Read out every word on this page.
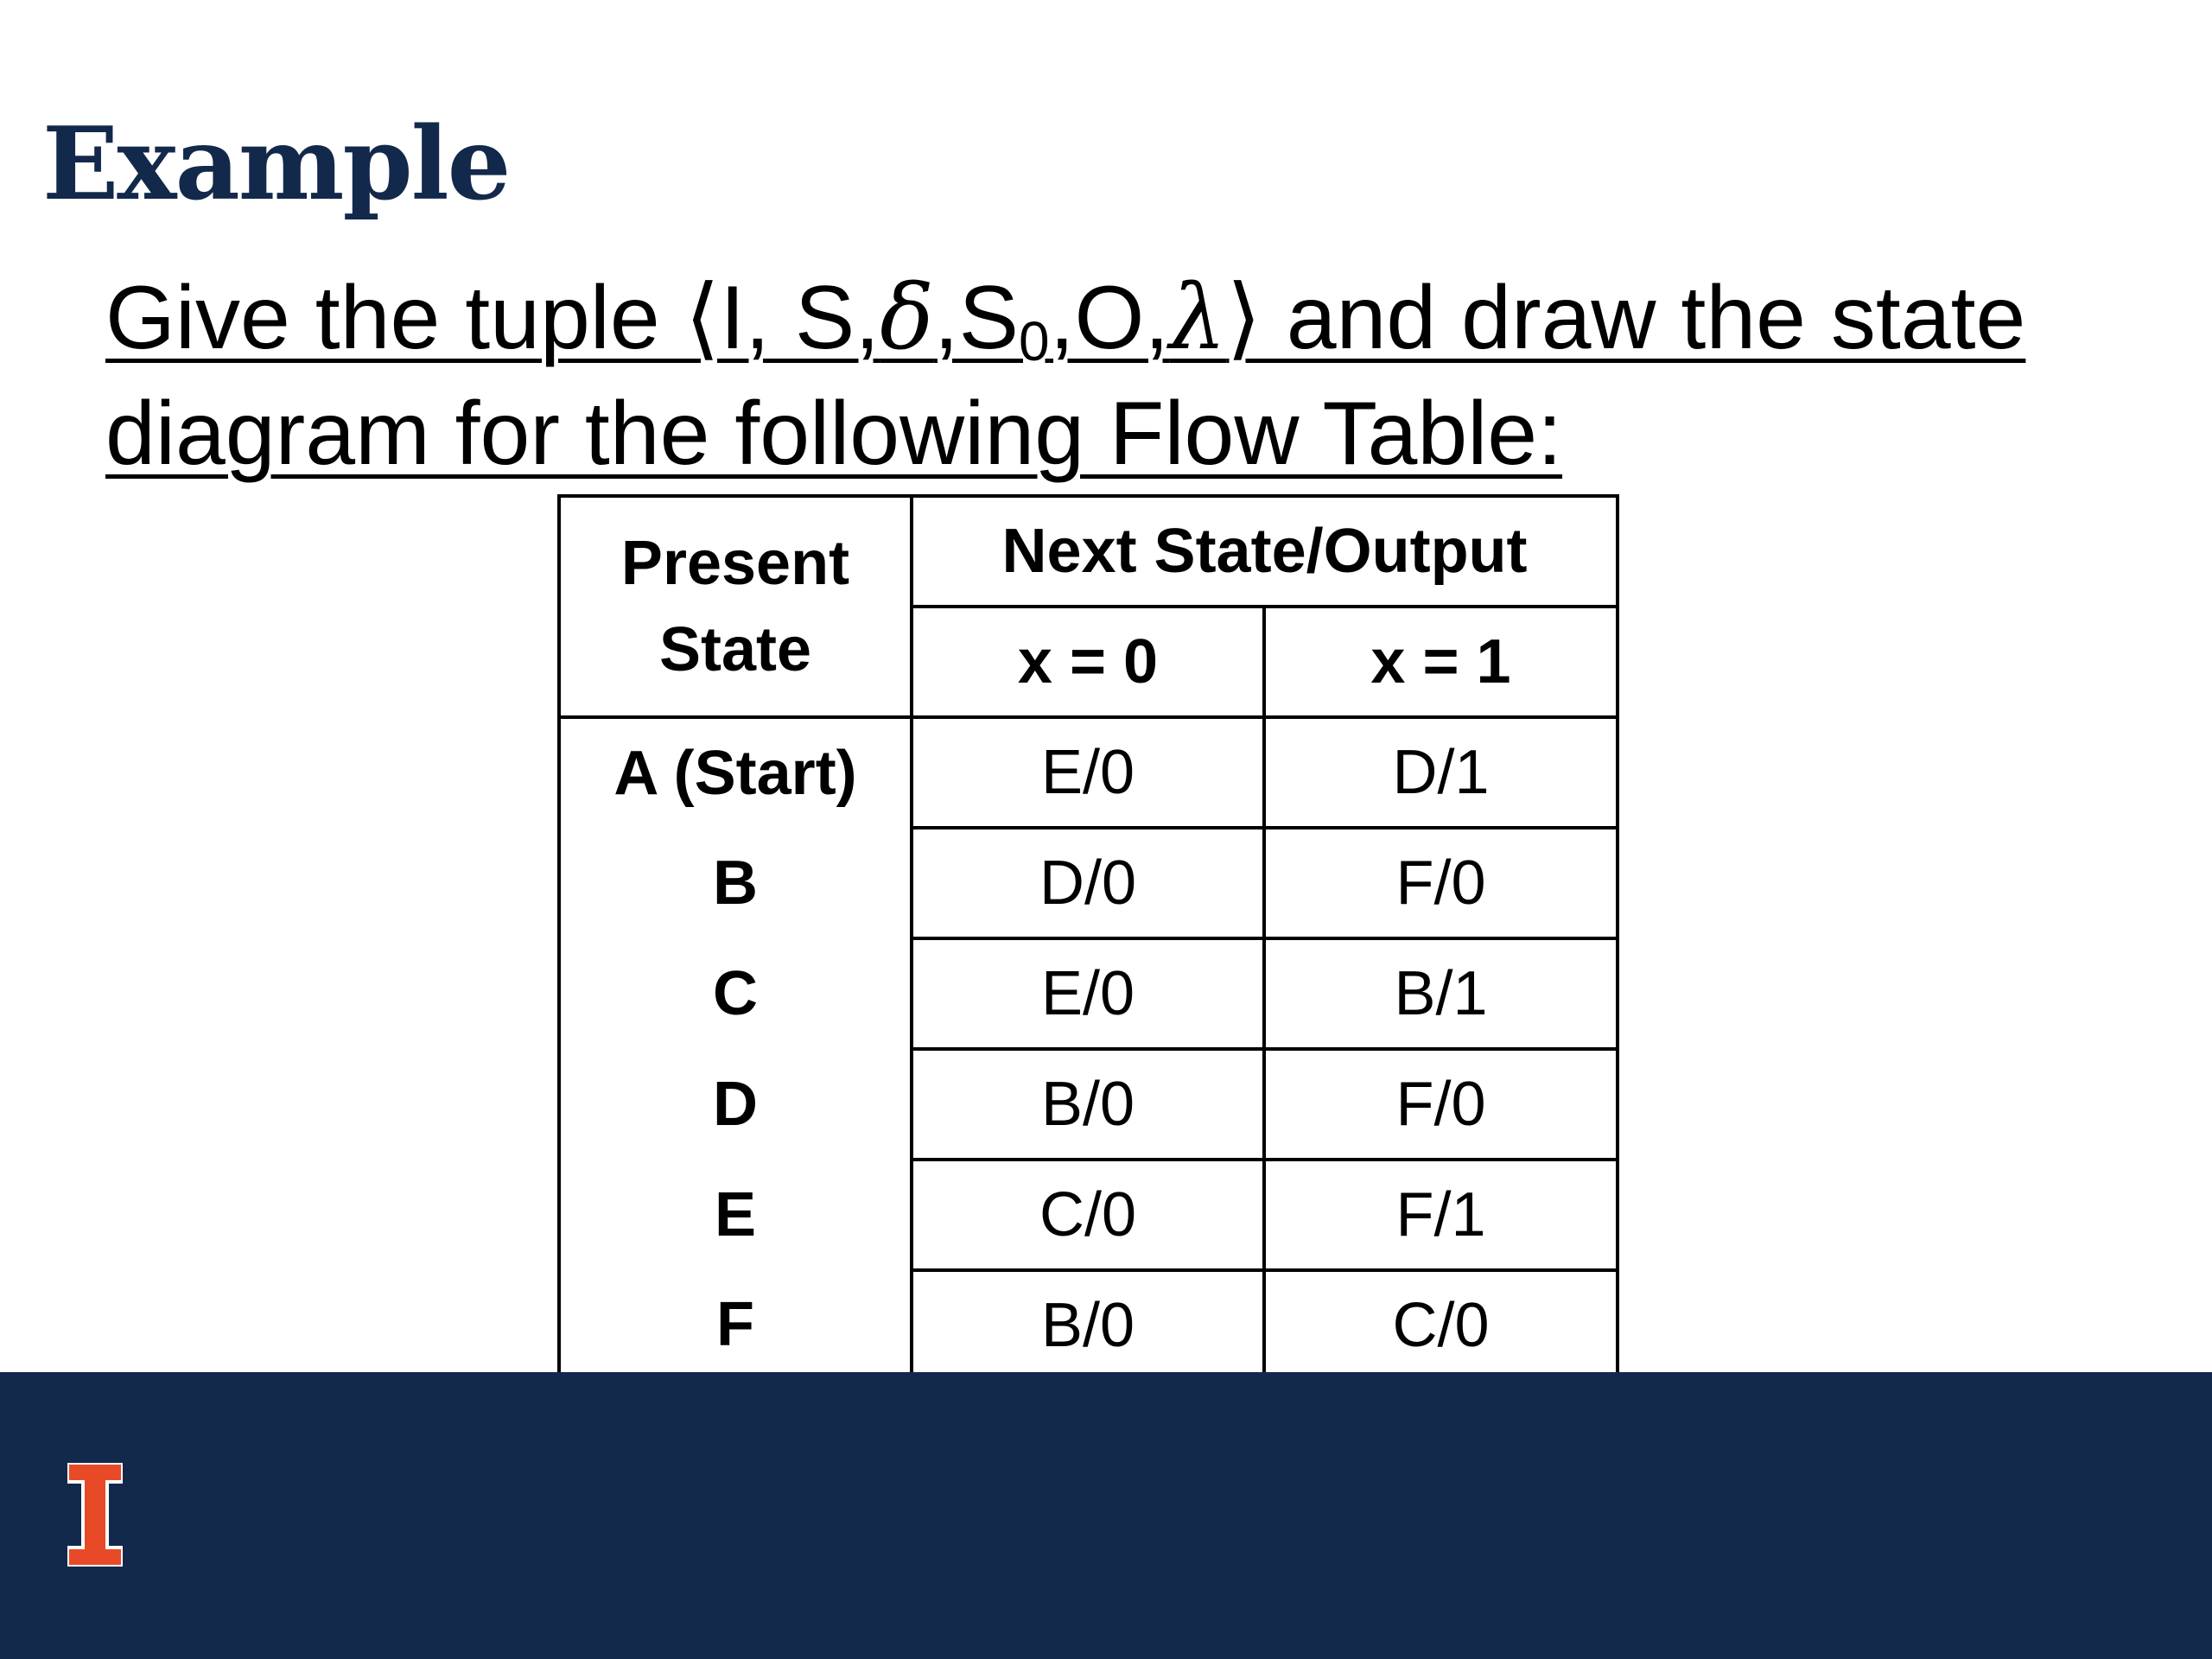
Example

Give the tuple ⟨I, $S,\delta,S_0,O,\lambda⟩$ and draw the state diagram for the following Flow Table:

Present
State	Next State/Output	
	x = 0	x = 1
A (Start)	E/0	D/1
B	D/0	F/0
C	E/0	B/1
D	B/0	F/0
E	C/0	F/1
F	B/0	C/0
